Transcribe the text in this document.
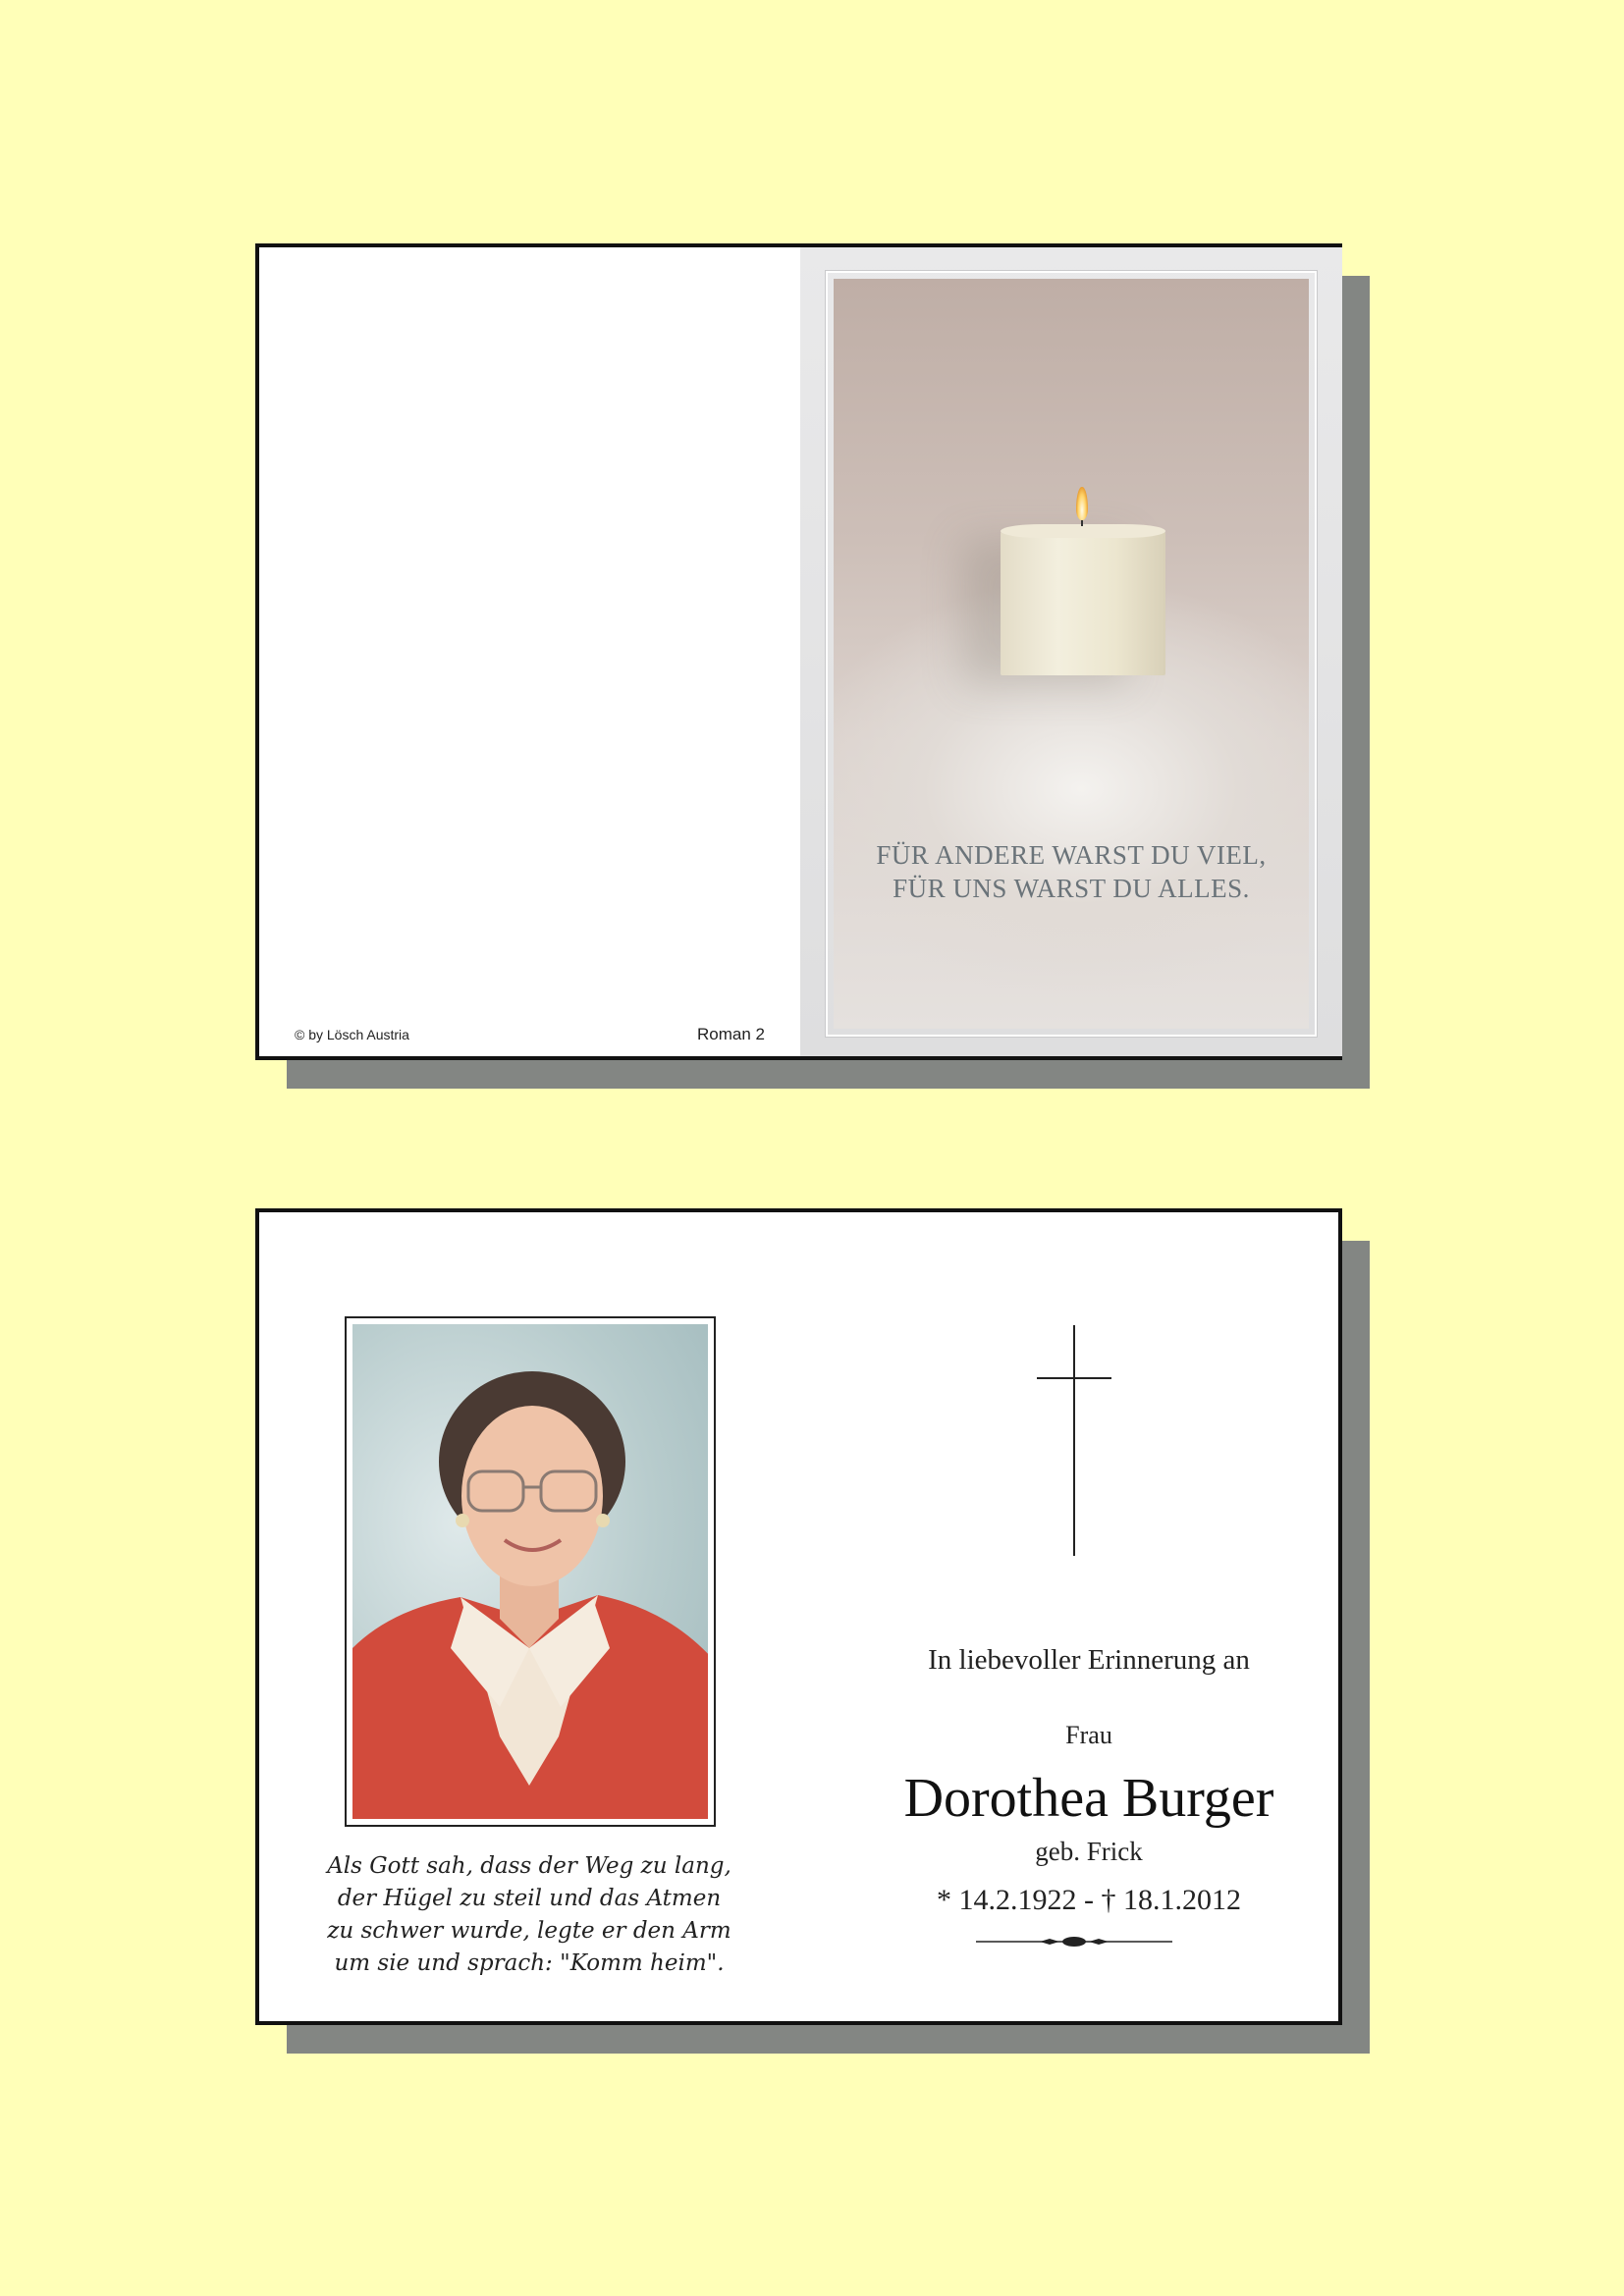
© by Lösch Austria	Roman 2
FÜR ANDERE WARST DU VIEL,
FÜR UNS WARST DU ALLES.
Als Gott sah, dass der Weg zu lang,
der Hügel zu steil und das Atmen
zu schwer wurde, legte er den Arm
um sie und sprach: "Komm heim".
In liebevoller Erinnerung an
Frau
Dorothea Burger
geb. Frick
* 14.2.1922 - † 18.1.2012
